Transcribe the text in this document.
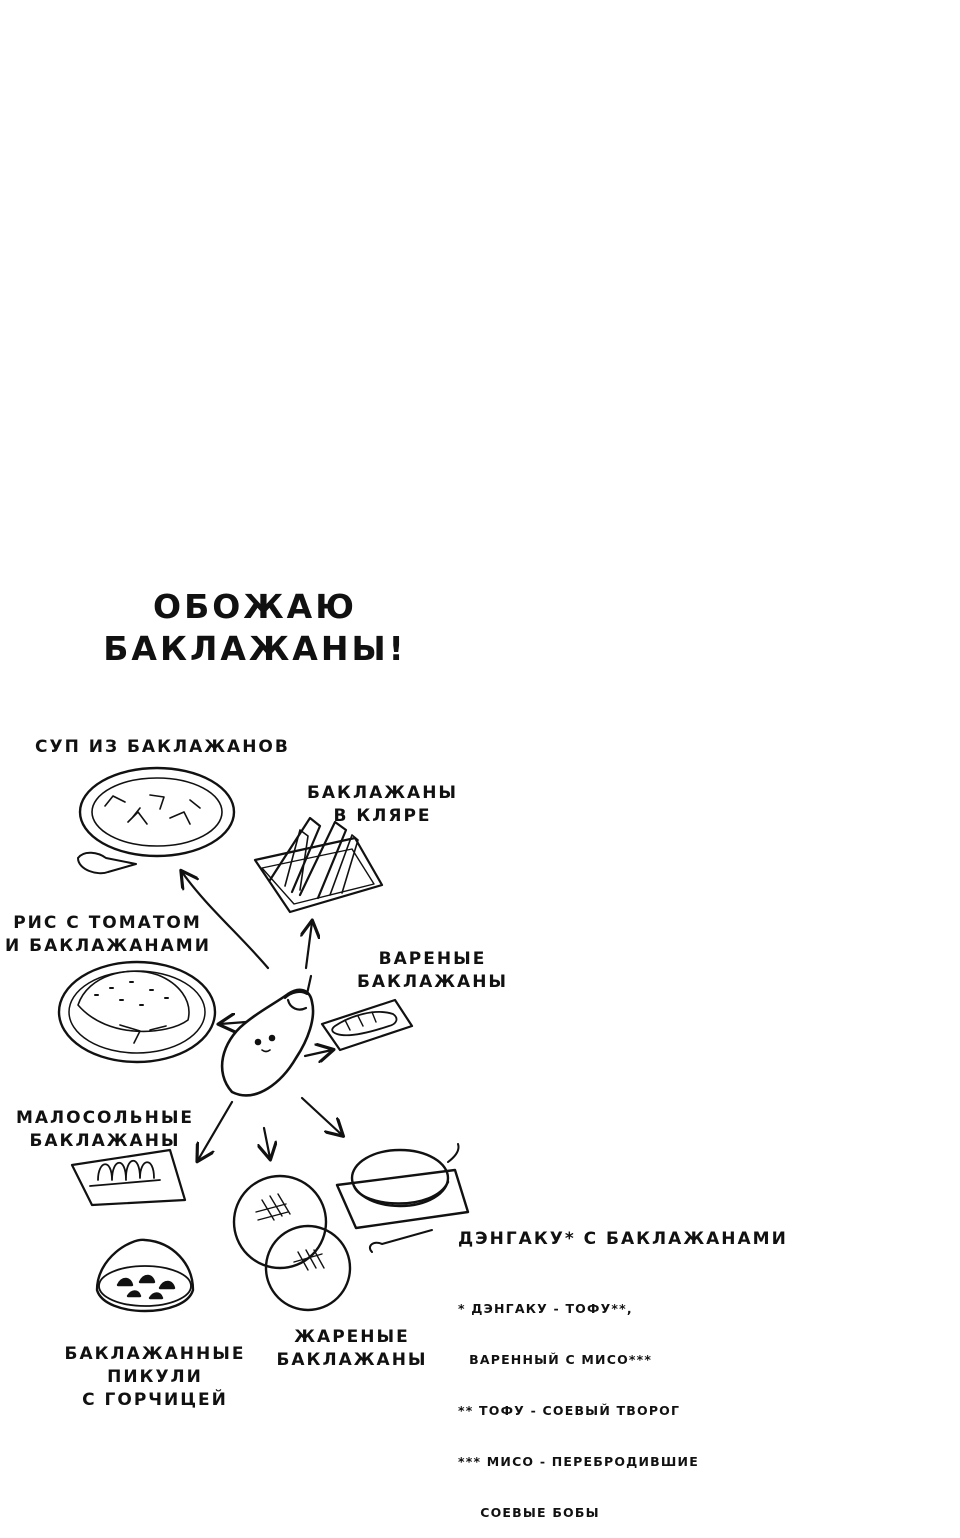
ОБОЖАЮ
БАКЛАЖАНЫ!
СУП ИЗ БАКЛАЖАНОВ
БАКЛАЖАНЫ
В КЛЯРЕ
РИС С ТОМАТОМ
И БАКЛАЖАНАМИ
ВАРЕНЫЕ
БАКЛАЖАНЫ
МАЛОСОЛЬНЫЕ
БАКЛАЖАНЫ
ДЭНГАКУ* С БАКЛАЖАНАМИ
БАКЛАЖАННЫЕ
ПИКУЛИ
С ГОРЧИЦЕЙ
ЖАРЕНЫЕ
БАКЛАЖАНЫ

* ДЭНГАКУ - ТОФУ**,

ВАРЕННЫЙ С МИСО***

** ТОФУ - СОЕВЫЙ ТВОРОГ

*** МИСО - ПЕРЕБРОДИВШИЕ

СОЕВЫЕ БОБЫ
